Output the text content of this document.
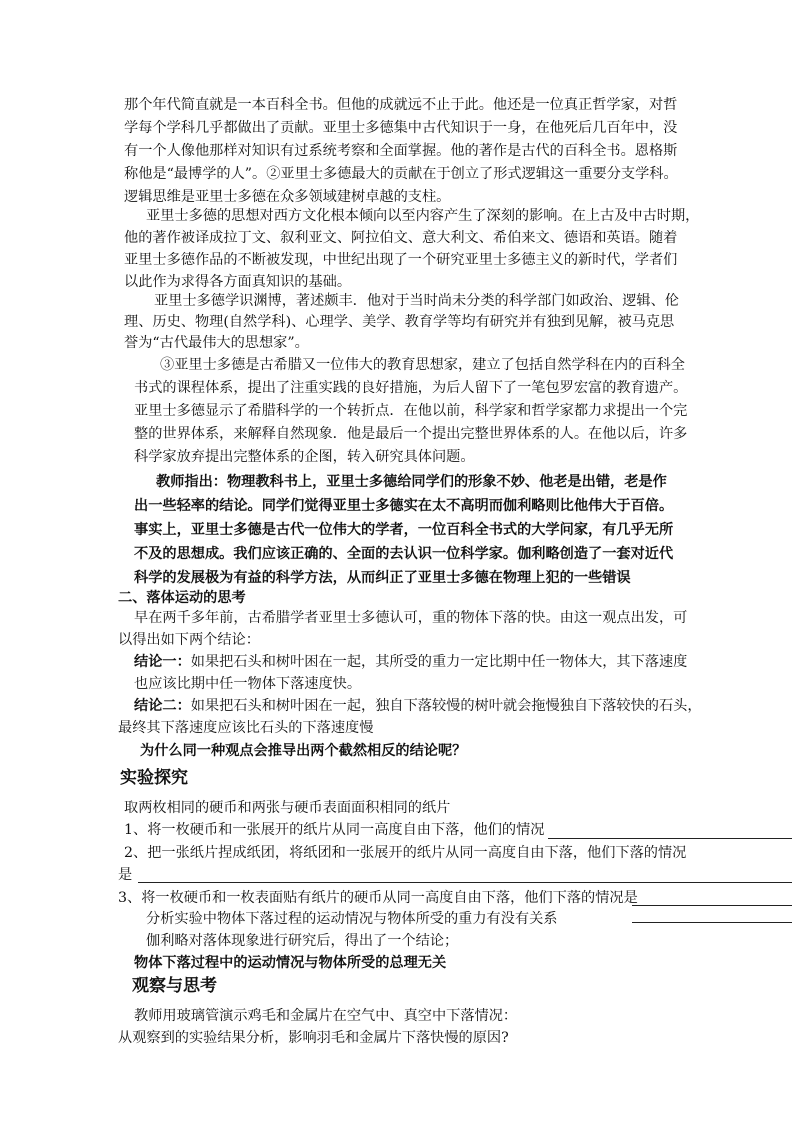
那个年代简直就是一本百科全书。但他的成就远不止于此。他还是一位真正哲学家，对哲
学每个学科几乎都做出了贡献。亚里士多德集中古代知识于一身，在他死后几百年中，没
有一个人像他那样对知识有过系统考察和全面掌握。他的著作是古代的百科全书。恩格斯
称他是“最博学的人”。②亚里士多德最大的贡献在于创立了形式逻辑这一重要分支学科。
逻辑思维是亚里士多德在众多领域建树卓越的支柱。
亚里士多德的思想对西方文化根本倾向以至内容产生了深刻的影响。在上古及中古时期，
他的著作被译成拉丁文、叙利亚文、阿拉伯文、意大利文、希伯来文、德语和英语。随着
亚里士多德作品的不断被发现，中世纪出现了一个研究亚里士多德主义的新时代，学者们
以此作为求得各方面真知识的基础。
亚里士多德学识渊博，著述颇丰．他对于当时尚未分类的科学部门如政治、逻辑、伦
理、历史、物理(自然学科)、心理学、美学、教育学等均有研究并有独到见解，被马克思
誉为“古代最伟大的思想家”。
③亚里士多德是古希腊又一位伟大的教育思想家，建立了包括自然学科在内的百科全
书式的课程体系，提出了注重实践的良好措施，为后人留下了一笔包罗宏富的教育遗产。
亚里士多德显示了希腊科学的一个转折点．在他以前，科学家和哲学家都力求提出一个完
整的世界体系，来解释自然现象．他是最后一个提出完整世界体系的人。在他以后，许多
科学家放弃提出完整体系的企图，转入研究具体问题。
教师指出：物理教科书上，亚里士多德给同学们的形象不妙、他老是出错，老是作
出一些轻率的结论。同学们觉得亚里士多德实在太不高明而伽利略则比他伟大于百倍。
事实上，亚里士多德是古代一位伟大的学者，一位百科全书式的大学问家，有几乎无所
不及的思想成。我们应该正确的、全面的去认识一位科学家。伽利略创造了一套对近代
科学的发展极为有益的科学方法，从而纠正了亚里士多德在物理上犯的一些错误
二、落体运动的思考
早在两千多年前，古希腊学者亚里士多德认可，重的物体下落的快。由这一观点出发，可
以得出如下两个结论：
结论一：如果把石头和树叶困在一起，其所受的重力一定比期中任一物体大，其下落速度
也应该比期中任一物体下落速度快。
结论二：如果把石头和树叶困在一起，独自下落较慢的树叶就会拖慢独自下落较快的石头，
最终其下落速度应该比石头的下落速度慢
为什么同一种观点会推导出两个截然相反的结论呢？
实验探究
取两枚相同的硬币和两张与硬币表面面积相同的纸片
1、将一枚硬币和一张展开的纸片从同一高度自由下落，他们的情况
2、把一张纸片捏成纸团，将纸团和一张展开的纸片从同一高度自由下落，他们下落的情况
是
3、将一枚硬币和一枚表面贴有纸片的硬币从同一高度自由下落，他们下落的情况是
分析实验中物体下落过程的运动情况与物体所受的重力有没有关系
伽利略对落体现象进行研究后，得出了一个结论；
物体下落过程中的运动情况与物体所受的总理无关
观察与思考
教师用玻璃管演示鸡毛和金属片在空气中、真空中下落情况：
从观察到的实验结果分析，影响羽毛和金属片下落快慢的原因?
